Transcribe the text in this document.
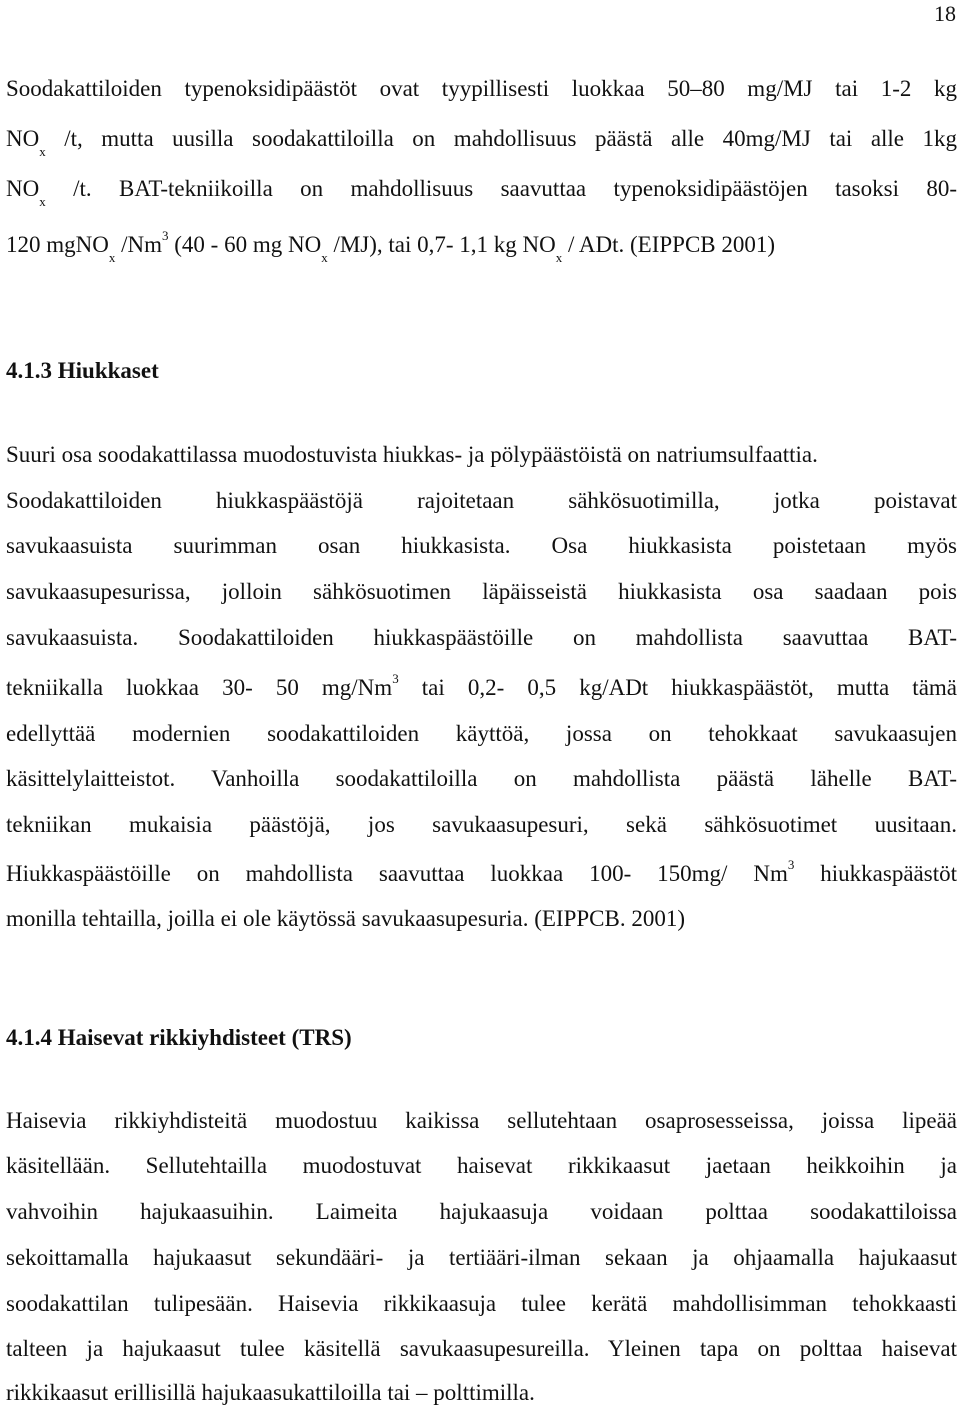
18
Soodakattiloiden typenoksidipäästöt ovat tyypillisesti luokkaa 50–80 mg/MJ tai 1-2 kg
$NO_x$ /t, mutta uusilla soodakattiloilla on mahdollisuus päästä alle 40mg/MJ tai alle 1kg
$NO_x$ /t. BAT-tekniikoilla on mahdollisuus saavuttaa typenoksidipäästöjen tasoksi 80-
120 mgNO$_x$ /Nm$^3$ (40 - 60 mg $NO_x$ /MJ), tai 0,7- 1,1 kg $NO_x$ / ADt. (EIPPCB 2001)
4.1.3 Hiukkaset
Suuri osa soodakattilassa muodostuvista hiukkas- ja pölypäästöistä on natriumsulfaattia.
Soodakattiloiden hiukkaspäästöjä rajoitetaan sähkösuotimilla, jotka poistavat
savukaasuista suurimman osan hiukkasista. Osa hiukkasista poistetaan myös
savukaasupesurissa, jolloin sähkösuotimen läpäisseistä hiukkasista osa saadaan pois
savukaasuista. Soodakattiloiden hiukkaspäästöille on mahdollista saavuttaa BAT-
tekniikalla luokkaa 30- 50 mg/Nm$^3$ tai 0,2- 0,5 kg/ADt hiukkaspäästöt, mutta tämä
edellyttää modernien soodakattiloiden käyttöä, jossa on tehokkaat savukaasujen
käsittelylaitteistot. Vanhoilla soodakattiloilla on mahdollista päästä lähelle BAT-
tekniikan mukaisia päästöjä, jos savukaasupesuri, sekä sähkösuotimet uusitaan.
Hiukkaspäästöille on mahdollista saavuttaa luokkaa 100- 150mg/ Nm$^3$ hiukkaspäästöt
monilla tehtailla, joilla ei ole käytössä savukaasupesuria. (EIPPCB. 2001)
4.1.4 Haisevat rikkiyhdisteet (TRS)
Haisevia rikkiyhdisteitä muodostuu kaikissa sellutehtaan osaprosesseissa, joissa lipeää
käsitellään. Sellutehtailla muodostuvat haisevat rikkikaasut jaetaan heikkoihin ja
vahvoihin hajukaasuihin. Laimeita hajukaasuja voidaan polttaa soodakattiloissa
sekoittamalla hajukaasut sekundääri- ja tertiääri-ilman sekaan ja ohjaamalla hajukaasut
soodakattilan tulipesään. Haisevia rikkikaasuja tulee kerätä mahdollisimman tehokkaasti
talteen ja hajukaasut tulee käsitellä savukaasupesureilla. Yleinen tapa on polttaa haisevat
rikkikaasut erillisillä hajukaasukattiloilla tai – polttimilla.
